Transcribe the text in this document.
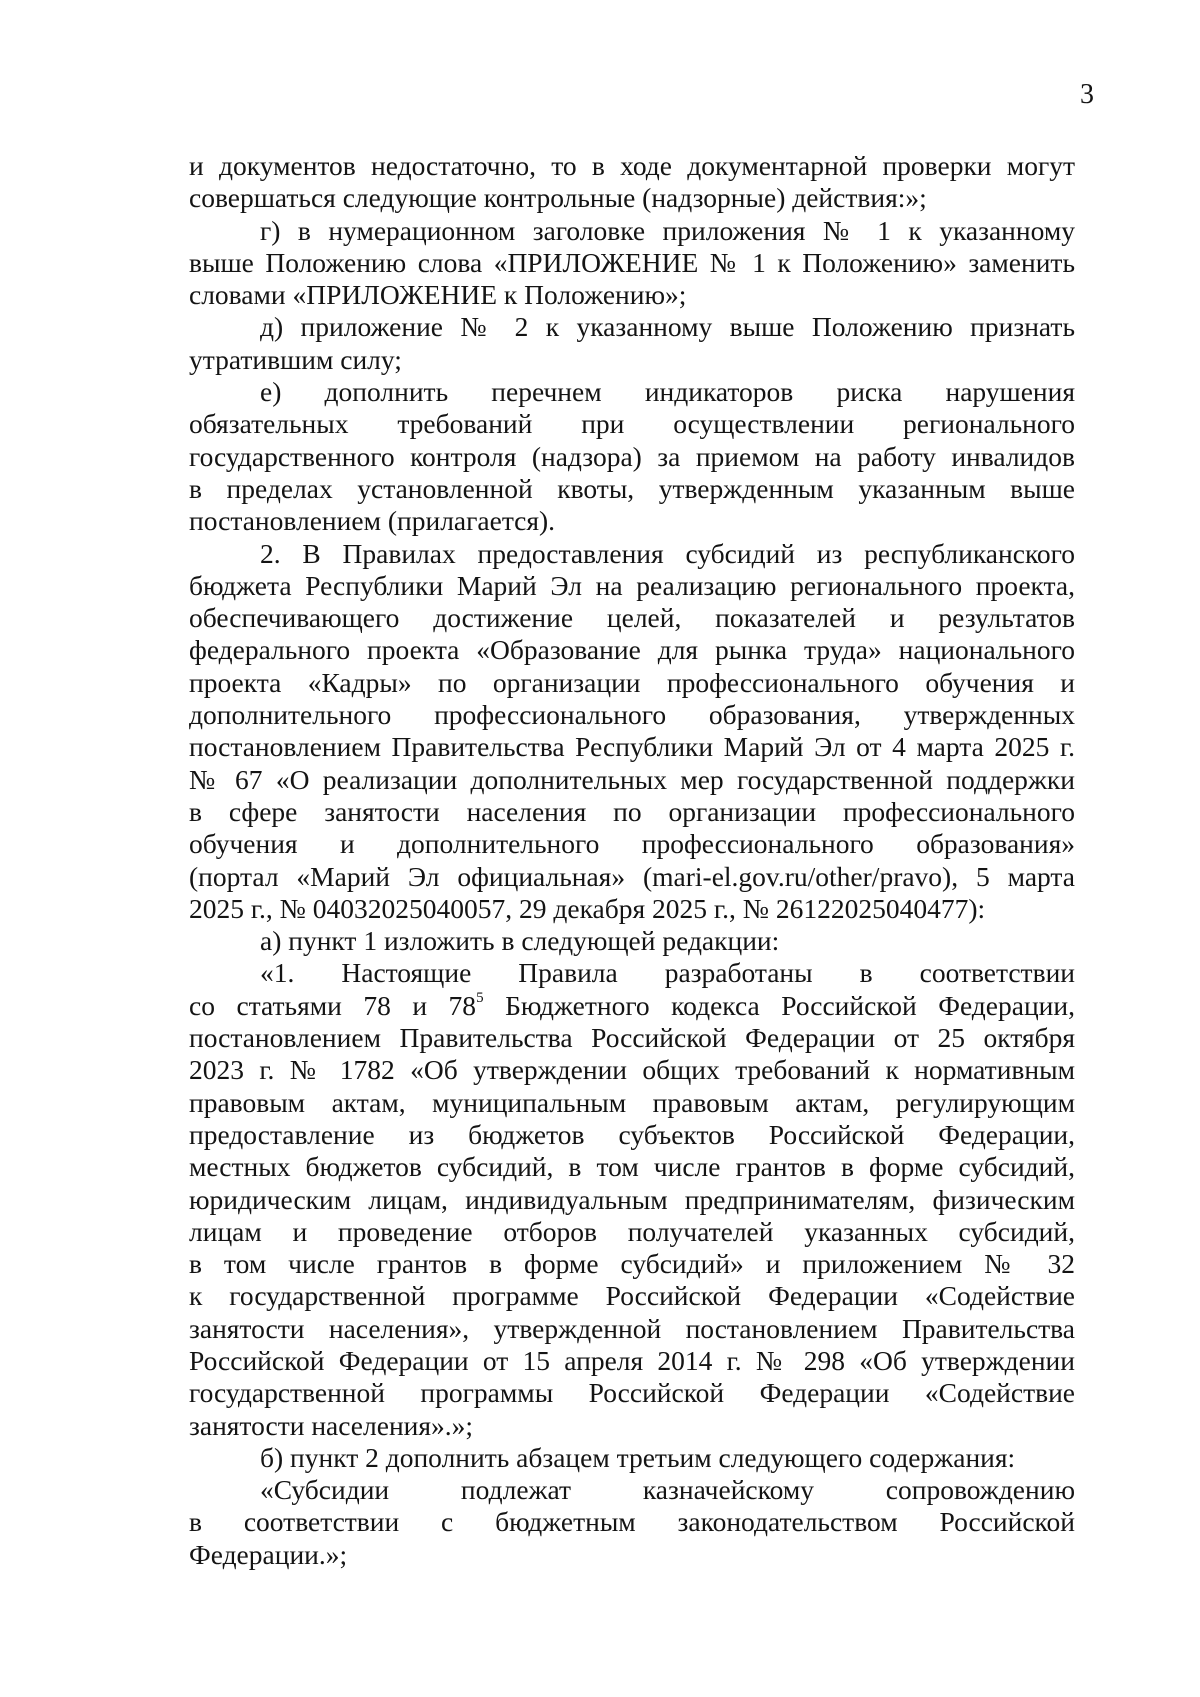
3
и документов недостаточно, то в ходе документарной проверки могут
совершаться следующие контрольные (надзорные) действия:»;
г) в нумерационном заголовке приложения № 1 к указанному
выше Положению слова «ПРИЛОЖЕНИЕ № 1 к Положению» заменить
словами «ПРИЛОЖЕНИЕ к Положению»;
д) приложение № 2 к указанному выше Положению признать
утратившим силу;
е) дополнить перечнем индикаторов риска нарушения
обязательных требований при осуществлении регионального
государственного контроля (надзора) за приемом на работу инвалидов
в пределах установленной квоты, утвержденным указанным выше
постановлением (прилагается).
2. В Правилах предоставления субсидий из республиканского
бюджета Республики Марий Эл на реализацию регионального проекта,
обеспечивающего достижение целей, показателей и результатов
федерального проекта «Образование для рынка труда» национального
проекта «Кадры» по организации профессионального обучения и
дополнительного профессионального образования, утвержденных
постановлением Правительства Республики Марий Эл от 4 марта 2025 г.
№ 67 «О реализации дополнительных мер государственной поддержки
в сфере занятости населения по организации профессионального
обучения и дополнительного профессионального образования»
(портал «Марий Эл официальная» (mari-el.gov.ru/other/pravo), 5 марта
2025 г., № 04032025040057, 29 декабря 2025 г., № 26122025040477):
а) пункт 1 изложить в следующей редакции:
«1. Настоящие Правила разработаны в соответствии
со статьями 78 и $78^5$ Бюджетного кодекса Российской Федерации,
постановлением Правительства Российской Федерации от 25 октября
2023 г. № 1782 «Об утверждении общих требований к нормативным
правовым актам, муниципальным правовым актам, регулирующим
предоставление из бюджетов субъектов Российской Федерации,
местных бюджетов субсидий, в том числе грантов в форме субсидий,
юридическим лицам, индивидуальным предпринимателям, физическим
лицам и проведение отборов получателей указанных субсидий,
в том числе грантов в форме субсидий» и приложением № 32
к государственной программе Российской Федерации «Содействие
занятости населения», утвержденной постановлением Правительства
Российской Федерации от 15 апреля 2014 г. № 298 «Об утверждении
государственной программы Российской Федерации «Содействие
занятости населения».»;
б) пункт 2 дополнить абзацем третьим следующего содержания:
«Субсидии подлежат казначейскому сопровождению
в соответствии с бюджетным законодательством Российской
Федерации.»;
